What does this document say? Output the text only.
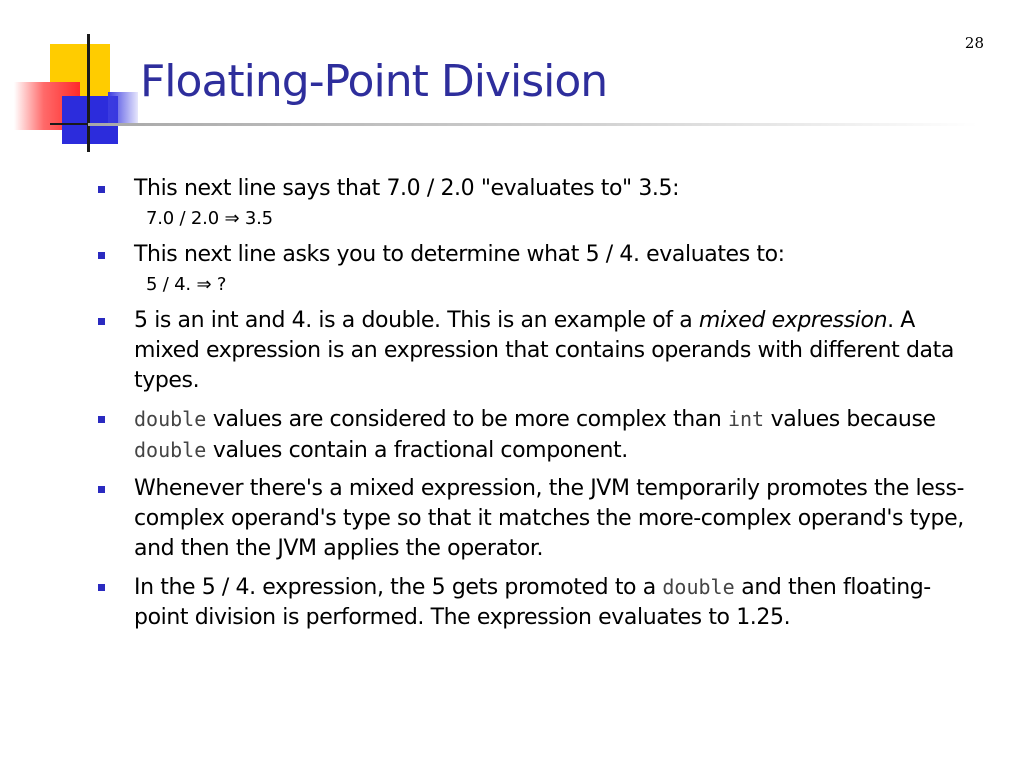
28
Floating-Point Division
This next line says that 7.0 / 2.0 "evaluates to" 3.5:
7.0 / 2.0 ⇒ 3.5
This next line asks you to determine what 5 / 4. evaluates to:
5 / 4. ⇒ ?
5 is an int and 4. is a double. This is an example of a mixed expression. A mixed expression is an expression that contains operands with different data types.
double values are considered to be more complex than int values because double values contain a fractional component.
Whenever there's a mixed expression, the JVM temporarily promotes the less-complex operand's type so that it matches the more-complex operand's type, and then the JVM applies the operator.
In the 5 / 4. expression, the 5 gets promoted to a double and then floating-point division is performed. The expression evaluates to 1.25.
